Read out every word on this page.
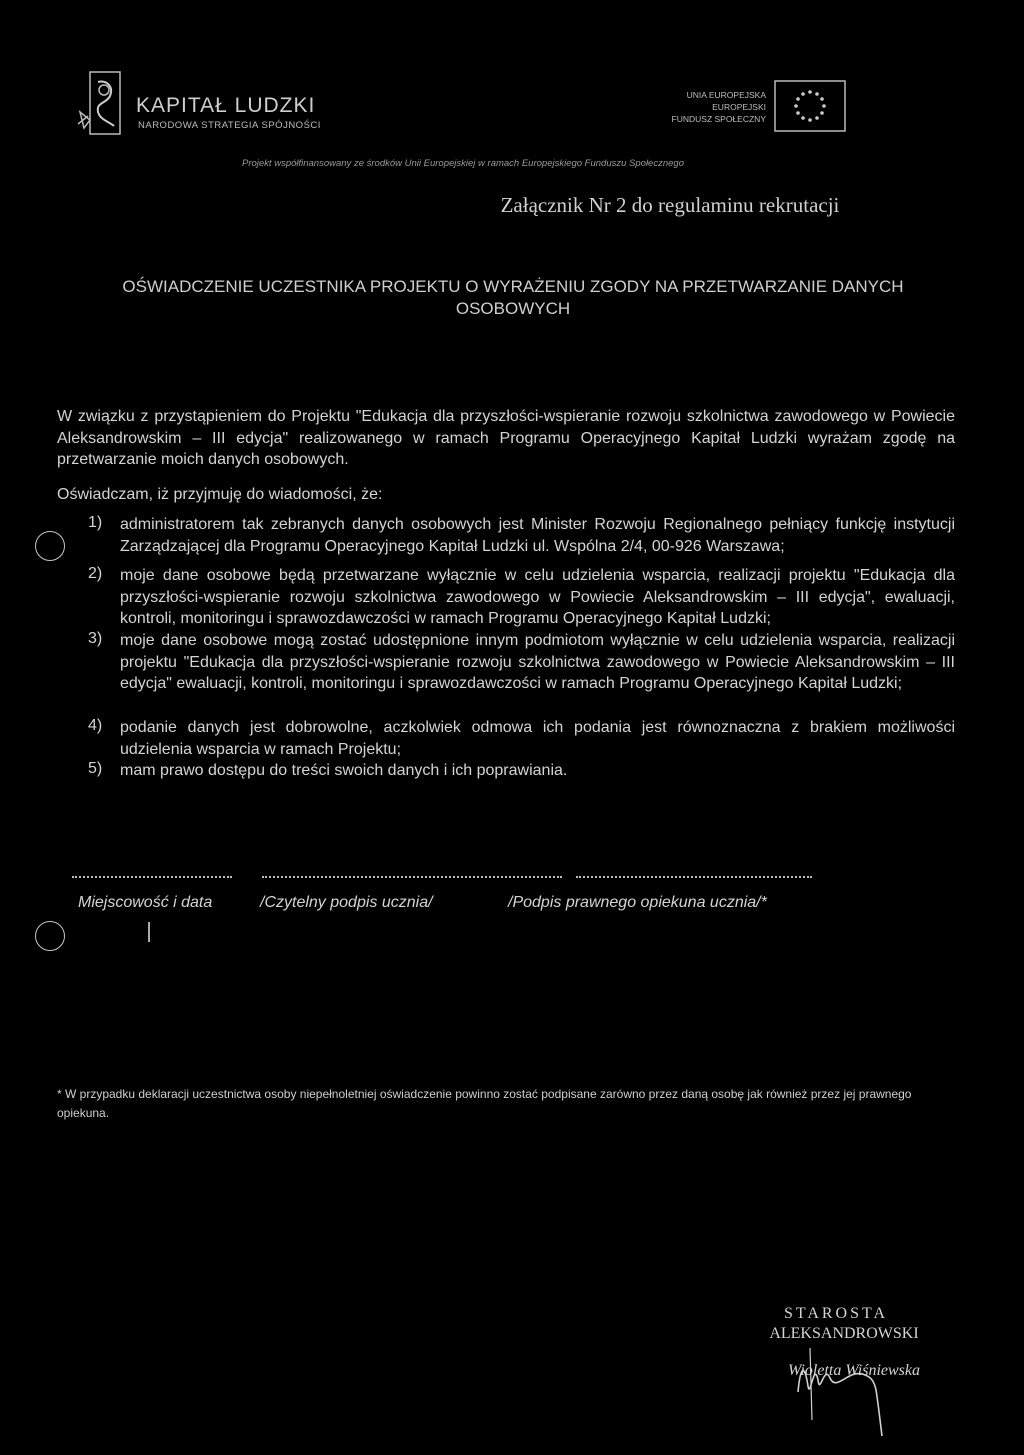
KAPITAŁ LUDZKI
NARODOWA STRATEGIA SPÓJNOŚCI
UNIA EUROPEJSKA
EUROPEJSKI
FUNDUSZ SPOŁECZNY
Projekt współfinansowany ze środków Unii Europejskiej w ramach Europejskiego Funduszu Społecznego
Załącznik Nr 2 do regulaminu rekrutacji
OŚWIADCZENIE UCZESTNIKA PROJEKTU O WYRAŻENIU ZGODY NA PRZETWARZANIE DANYCH
OSOBOWYCH
W związku z przystąpieniem do Projektu "Edukacja dla przyszłości-wspieranie rozwoju szkolnictwa zawodowego w Powiecie Aleksandrowskim – III edycja" realizowanego w ramach Programu Operacyjnego Kapitał Ludzki wyrażam zgodę na przetwarzanie moich danych osobowych.
Oświadczam, iż przyjmuję do wiadomości, że:
1)	administratorem tak zebranych danych osobowych jest Minister Rozwoju Regionalnego pełniący funkcję instytucji Zarządzającej dla Programu Operacyjnego Kapitał Ludzki ul. Wspólna 2/4, 00-926 Warszawa;
2)	moje dane osobowe będą przetwarzane wyłącznie w celu udzielenia wsparcia, realizacji projektu "Edukacja dla przyszłości-wspieranie rozwoju szkolnictwa zawodowego w Powiecie Aleksandrowskim – III edycja", ewaluacji, kontroli, monitoringu i sprawozdawczości w ramach Programu Operacyjnego Kapitał Ludzki;
3)	moje dane osobowe mogą zostać udostępnione innym podmiotom wyłącznie w celu udzielenia wsparcia, realizacji projektu "Edukacja dla przyszłości-wspieranie rozwoju szkolnictwa zawodowego w Powiecie Aleksandrowskim – III edycja" ewaluacji, kontroli, monitoringu i sprawozdawczości w ramach Programu Operacyjnego Kapitał Ludzki;
4)	podanie danych jest dobrowolne, aczkolwiek odmowa ich podania jest równoznaczna z brakiem możliwości udzielenia wsparcia w ramach Projektu;
5)	mam prawo dostępu do treści swoich danych i ich poprawiania.
Miejscowość i data	/Czytelny podpis ucznia/	/Podpis prawnego opiekuna ucznia/*
* W przypadku deklaracji uczestnictwa osoby niepełnoletniej oświadczenie powinno zostać podpisane zarówno przez daną osobę jak również przez jej prawnego opiekuna.
STAROSTA
ALEKSANDROWSKI
Wioletta Wiśniewska
